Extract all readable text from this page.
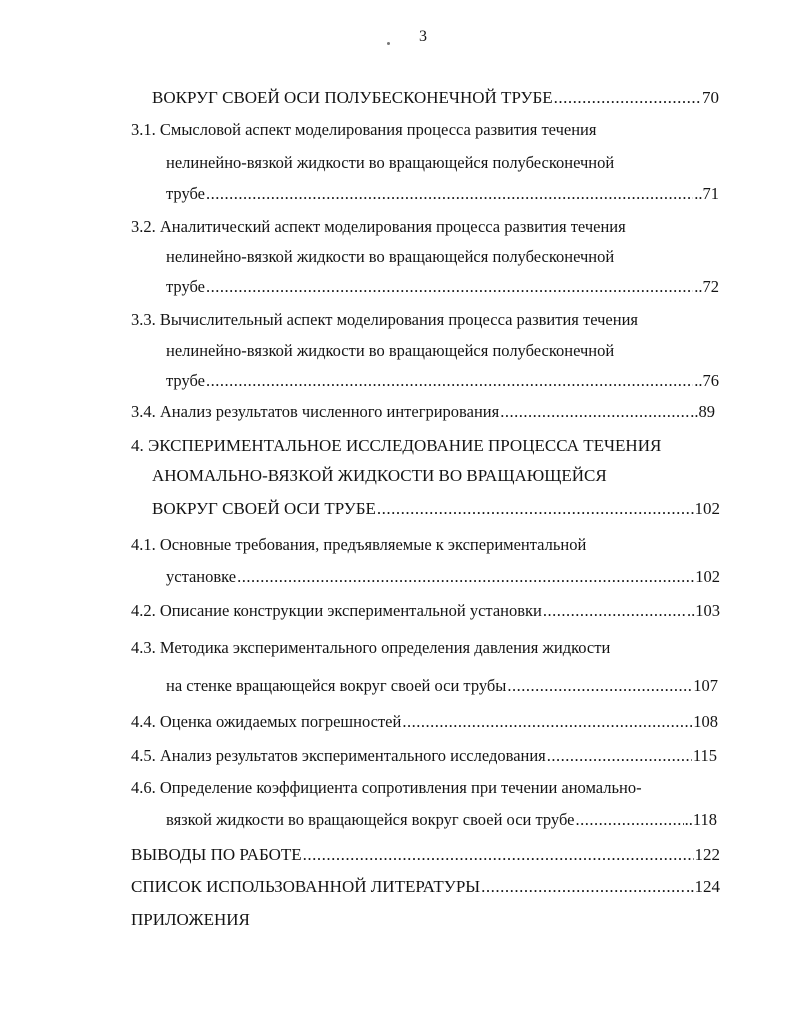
3
ВОКРУГ СВОЕЙ ОСИ ПОЛУБЕСКОНЕЧНОЙ ТРУБЕ .....	70
3.1. Смысловой аспект моделирования процесса развития течения
нелинейно-вязкой жидкости во вращающейся полубесконечной
трубе .....	..71
3.2. Аналитический аспект моделирования процесса развития течения
нелинейно-вязкой жидкости во вращающейся полубесконечной
трубе .....	..72
3.3. Вычислительный аспект моделирования процесса развития течения
нелинейно-вязкой жидкости во вращающейся полубесконечной
трубе .....	..76
3.4. Анализ результатов численного интегрирования .....	..89
4. ЭКСПЕРИМЕНТАЛЬНОЕ ИССЛЕДОВАНИЕ ПРОЦЕССА ТЕЧЕНИЯ
АНОМАЛЬНО-ВЯЗКОЙ ЖИДКОСТИ ВО ВРАЩАЮЩЕЙСЯ
ВОКРУГ СВОЕЙ ОСИ ТРУБЕ .....	102
4.1. Основные требования, предъявляемые к экспериментальной
установке .....	102
4.2. Описание конструкции экспериментальной установки .....	..103
4.3. Методика экспериментального определения давления жидкости
на стенке вращающейся вокруг своей оси трубы .....	107
4.4. Оценка ожидаемых погрешностей .....	108
4.5. Анализ результатов экспериментального исследования .....	115
4.6. Определение коэффициента сопротивления при течении аномально-
вязкой жидкости во вращающейся вокруг своей оси трубе .....	..118
ВЫВОДЫ ПО РАБОТЕ .....	122
СПИСОК ИСПОЛЬЗОВАННОЙ ЛИТЕРАТУРЫ .....	..124
ПРИЛОЖЕНИЯ
